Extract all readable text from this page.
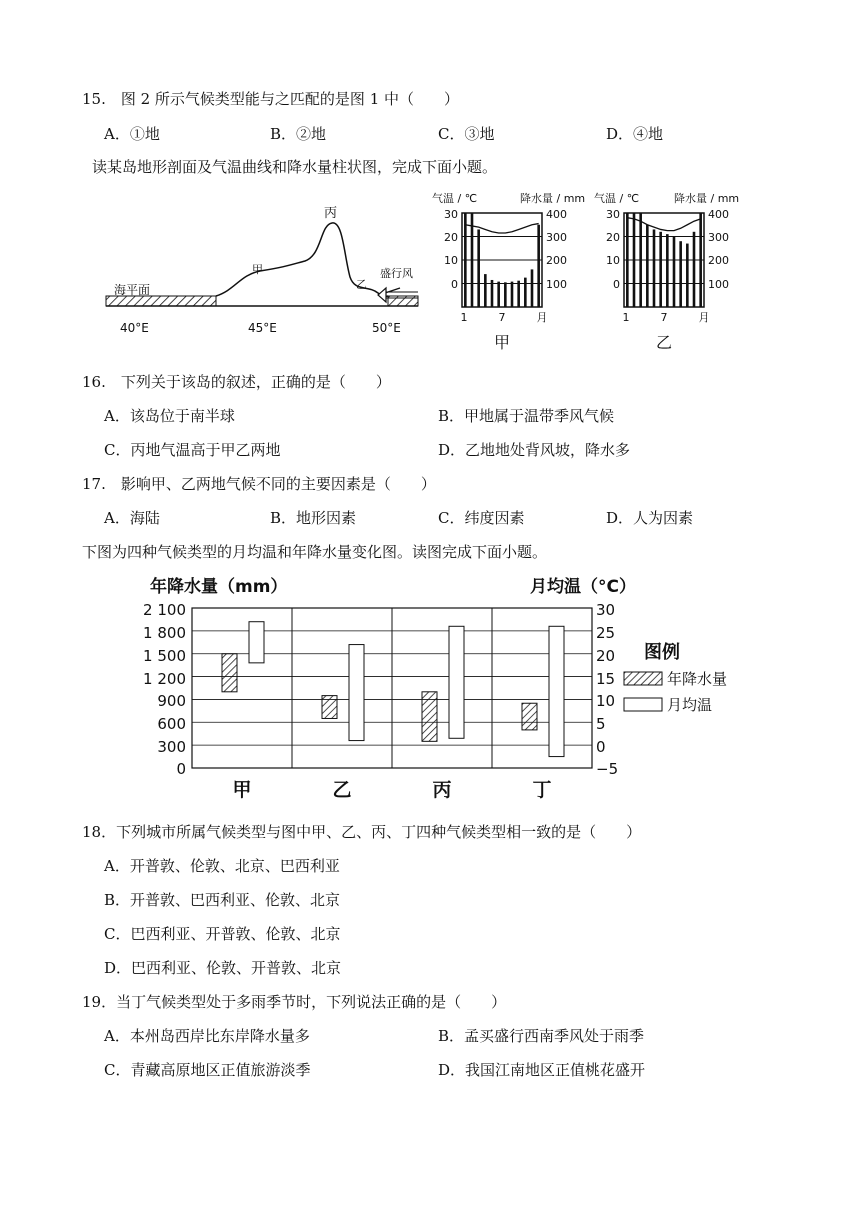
15.　图 2 所示气候类型能与之匹配的是图 1 中（　　）
A．①地	B．②地	C．③地	D．④地
读某岛地形剖面及气温曲线和降水量柱状图，完成下面小题。
丙
甲
乙
盛行风
海平面
40°E	45°E	50°E
气温 / ℃	降水量 / mm
30
20
10
0
400
300
200
100
1	7	月
甲
气温 / ℃	降水量 / mm
30
20
10
0
400
300
200
100
1	7	月
乙
16.　下列关于该岛的叙述，正确的是（　　）
A．该岛位于南半球	B．甲地属于温带季风气候
C．丙地气温高于甲乙两地	D．乙地地处背风坡，降水多
17.　影响甲、乙两地气候不同的主要因素是（　　）
A．海陆	B．地形因素	C．纬度因素	D．人为因素
下图为四种气候类型的月均温和年降水量变化图。读图完成下面小题。
年降水量（mm）	月均温（°C）
2 100
1 800
1 500
1 200
900
600
300
0
30
25
20
15
10
5
0
−5
甲	乙	丙	丁
图例
年降水量
月均温
18．下列城市所属气候类型与图中甲、乙、丙、丁四种气候类型相一致的是（　　）
A．开普敦、伦敦、北京、巴西利亚
B．开普敦、巴西利亚、伦敦、北京
C．巴西利亚、开普敦、伦敦、北京
D．巴西利亚、伦敦、开普敦、北京
19．当丁气候类型处于多雨季节时，下列说法正确的是（　　）
A．本州岛西岸比东岸降水量多	B．孟买盛行西南季风处于雨季
C．青藏高原地区正值旅游淡季	D．我国江南地区正值桃花盛开
